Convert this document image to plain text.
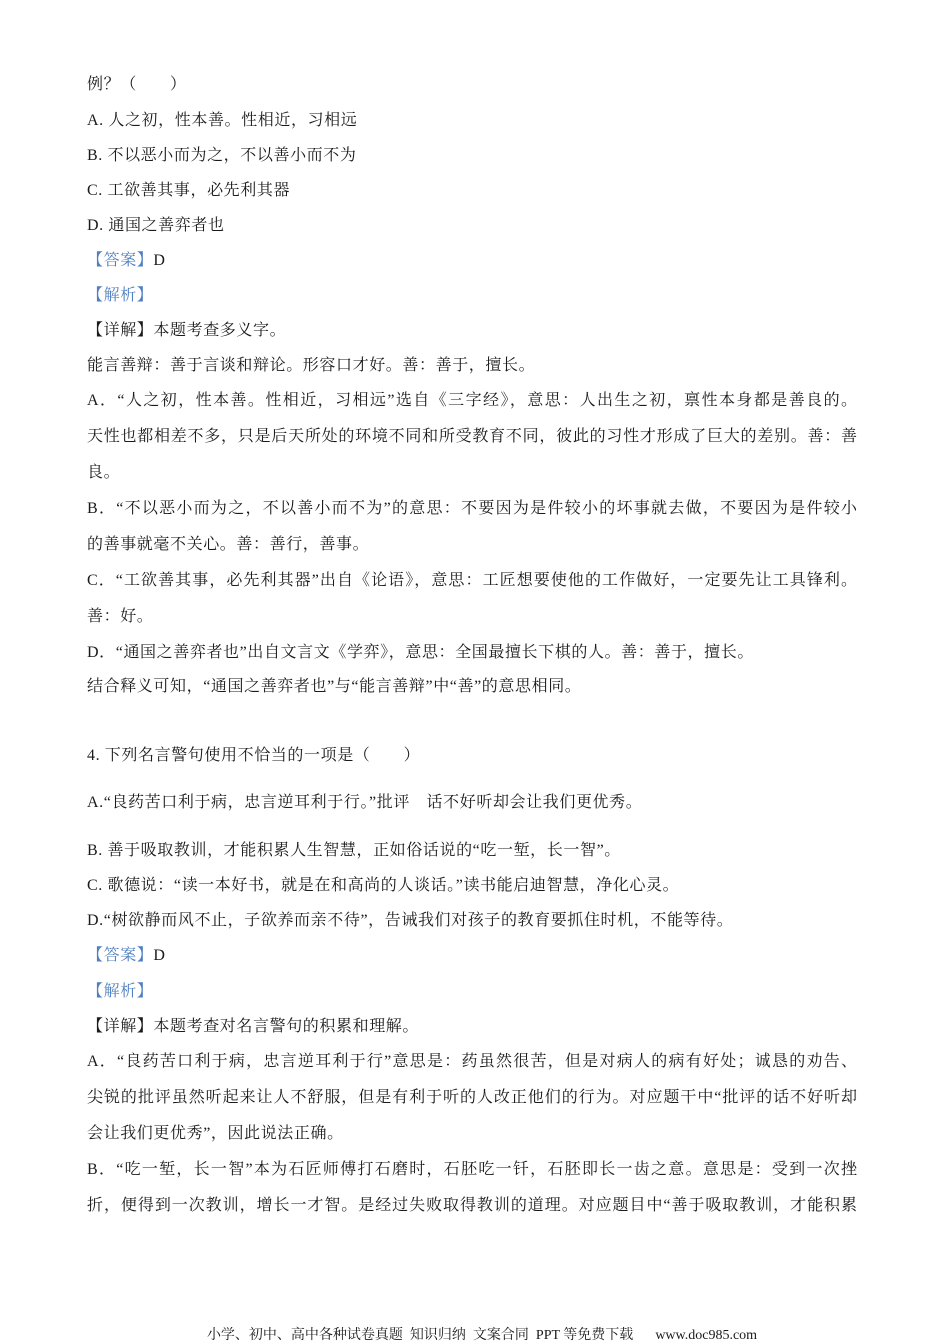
例？（　　）
A. 人之初，性本善。性相近，习相远
B. 不以恶小而为之，不以善小而不为
C. 工欲善其事，必先利其器
D. 通国之善弈者也
【答案】D
【解析】
【详解】本题考查多义字。
能言善辩：善于言谈和辩论。形容口才好。善：善于，擅长。
A．“人之初，性本善。性相近，习相远”选自《三字经》，意思：人出生之初，禀性本身都是善良的。
天性也都相差不多，只是后天所处的环境不同和所受教育不同，彼此的习性才形成了巨大的差别。善：善
良。
B．“不以恶小而为之，不以善小而不为”的意思：不要因为是件较小的坏事就去做，不要因为是件较小
的善事就毫不关心。善：善行，善事。
C．“工欲善其事，必先利其器”出自《论语》，意思：工匠想要使他的工作做好，一定要先让工具锋利。
善：好。
D．“通国之善弈者也”出自文言文《学弈》，意思：全国最擅长下棋的人。善：善于，擅长。
结合释义可知，“通国之善弈者也”与“能言善辩”中“善”的意思相同。
4. 下列名言警句使用不恰当的一项是（　　）
A.“良药苦口利于病，忠言逆耳利于行。”批评　话不好听却会让我们更优秀。
B. 善于吸取教训，才能积累人生智慧，正如俗话说的“吃一堑，长一智”。
C. 歌德说：“读一本好书，就是在和高尚的人谈话。”读书能启迪智慧，净化心灵。
D.“树欲静而风不止，子欲养而亲不待”，告诫我们对孩子的教育要抓住时机，不能等待。
【答案】D
【解析】
【详解】本题考查对名言警句的积累和理解。
A．“良药苦口利于病，忠言逆耳利于行”意思是：药虽然很苦，但是对病人的病有好处；诚恳的劝告、
尖锐的批评虽然听起来让人不舒服，但是有利于听的人改正他们的行为。对应题干中“批评的话不好听却
会让我们更优秀”，因此说法正确。
B．“吃一堑，长一智”本为石匠师傅打石磨时，石胚吃一钎，石胚即长一齿之意。意思是：受到一次挫
折，便得到一次教训，增长一才智。是经过失败取得教训的道理。对应题目中“善于吸取教训，才能积累

小学、初中、高中各种试卷真题  知识归纳  文案合同  PPT 等免费下载 www.doc985.com
